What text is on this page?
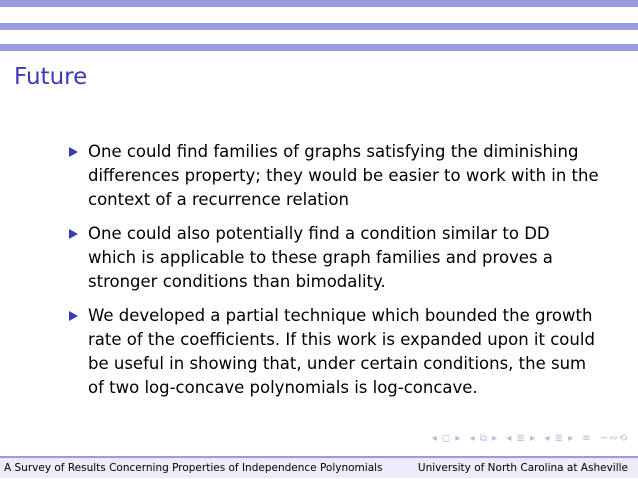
Future
One could find families of graphs satisfying the diminishing
differences property; they would be easier to work with in the
context of a recurrence relation
One could also potentially find a condition similar to DD
which is applicable to these graph families and proves a
stronger conditions than bimodality.
We developed a partial technique which bounded the growth
rate of the coefficients. If this work is expanded upon it could
be useful in showing that, under certain conditions, the sum
of two log-concave polynomials is log-concave.
◂ ◻ ▸ ◂ ⧉ ▸ ◂ ≣ ▸ ◂ ≣ ▸ ≡ ∽∾⟲
A Survey of Results Concerning Properties of Independence Polynomials	University of North Carolina at Asheville
